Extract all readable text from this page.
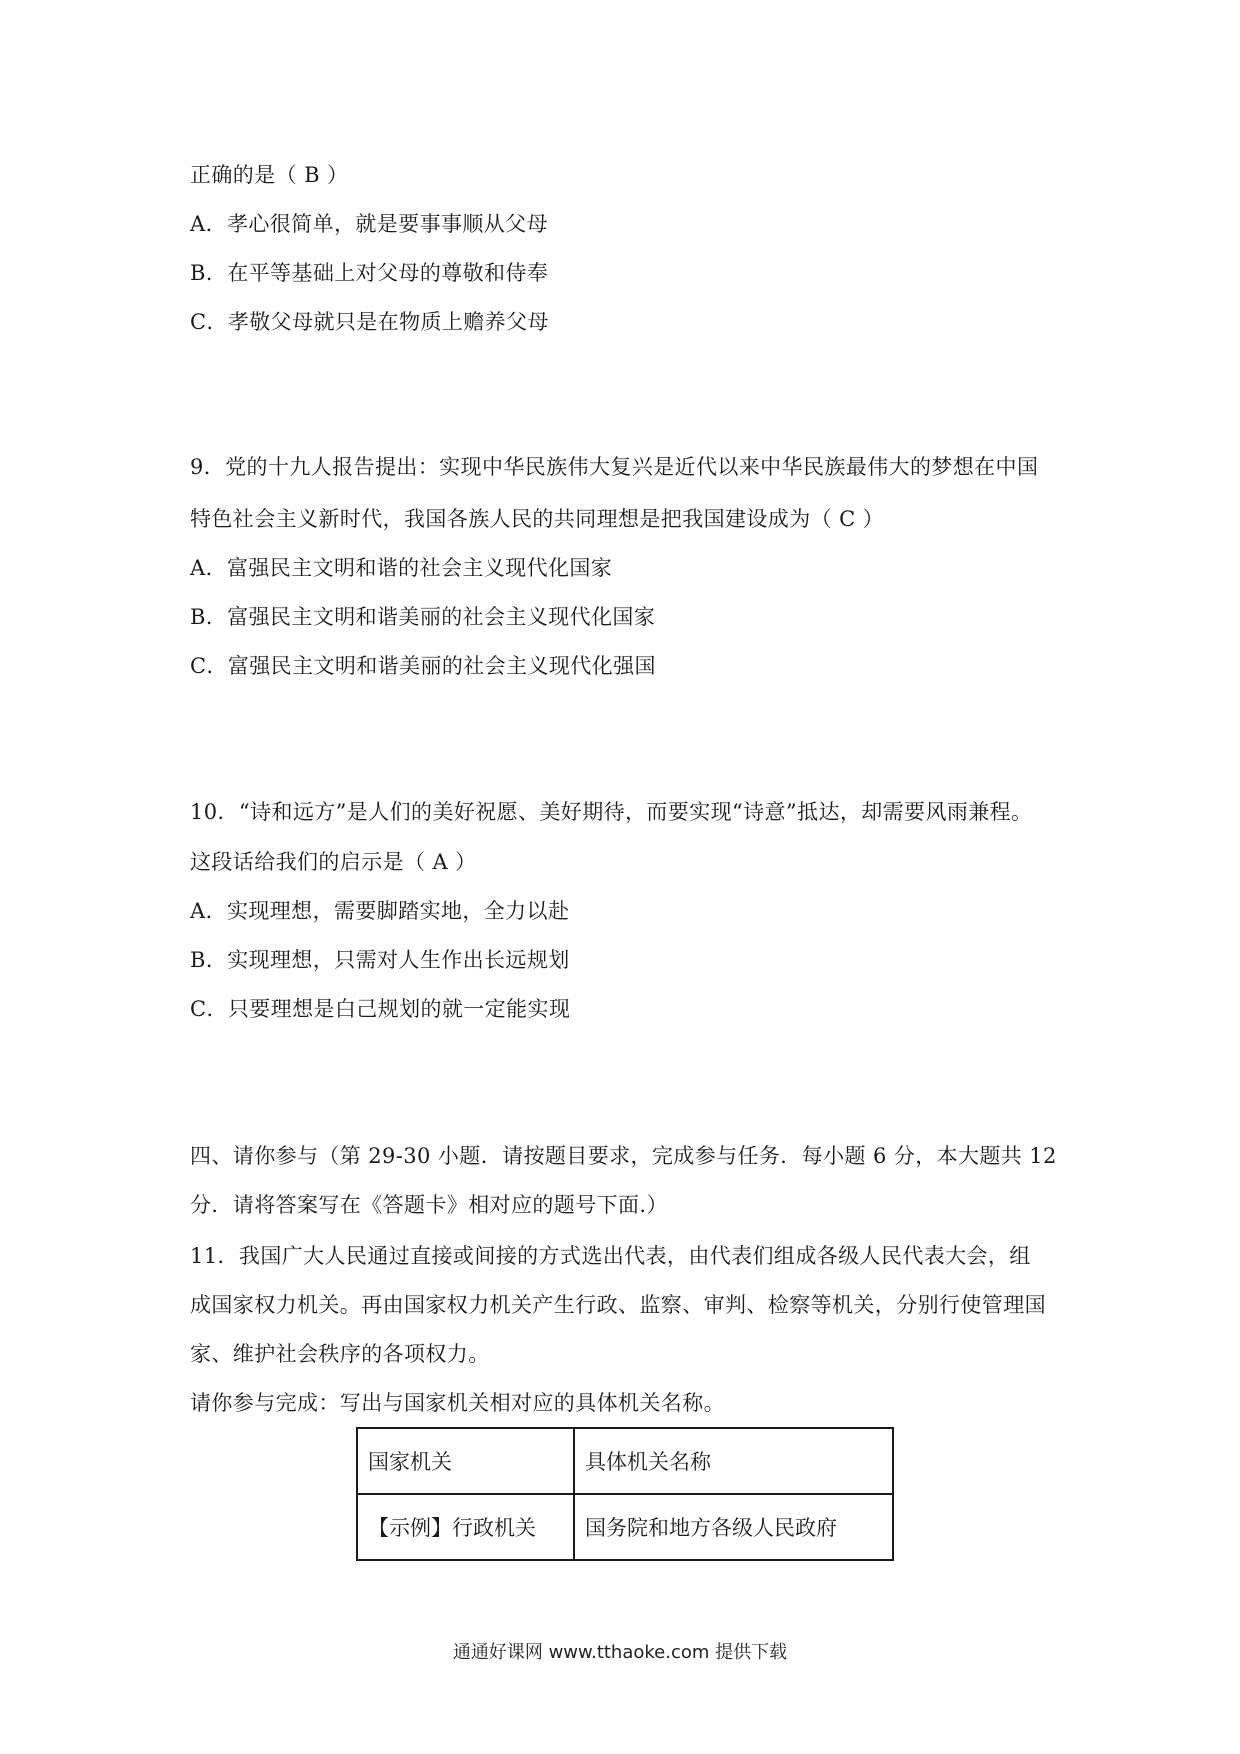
正确的是（ B ）
A．孝心很简单，就是要事事顺从父母
B．在平等基础上对父母的尊敬和侍奉
C．孝敬父母就只是在物质上赡养父母
9．党的十九人报告提出：实现中华民族伟大复兴是近代以来中华民族最伟大的梦想在中国
特色社会主义新时代，我国各族人民的共同理想是把我国建设成为（ C ）
A．富强民主文明和谐的社会主义现代化国家
B．富强民主文明和谐美丽的社会主义现代化国家
C．富强民主文明和谐美丽的社会主义现代化强国
10．“诗和远方”是人们的美好祝愿、美好期待，而要实现“诗意”抵达，却需要风雨兼程。
这段话给我们的启示是（ A ）
A．实现理想，需要脚踏实地，全力以赴
B．实现理想，只需对人生作出长远规划
C．只要理想是白己规划的就一定能实现
四、请你参与（第 29-30 小题．请按题目要求，完成参与任务．每小题 6 分，本大题共 12
分．请将答案写在《答题卡》相对应的题号下面.）
11．我国广大人民通过直接或间接的方式选出代表，由代表们组成各级人民代表大会，组
成国家权力机关。再由国家权力机关产生行政、监察、审判、检察等机关，分别行使管理国
家、维护社会秩序的各项权力。
请你参与完成：写出与国家机关相对应的具体机关名称。
国家机关	具体机关名称
【示例】行政机关	国务院和地方各级人民政府
通通好课网 www.tthaoke.com 提供下载
